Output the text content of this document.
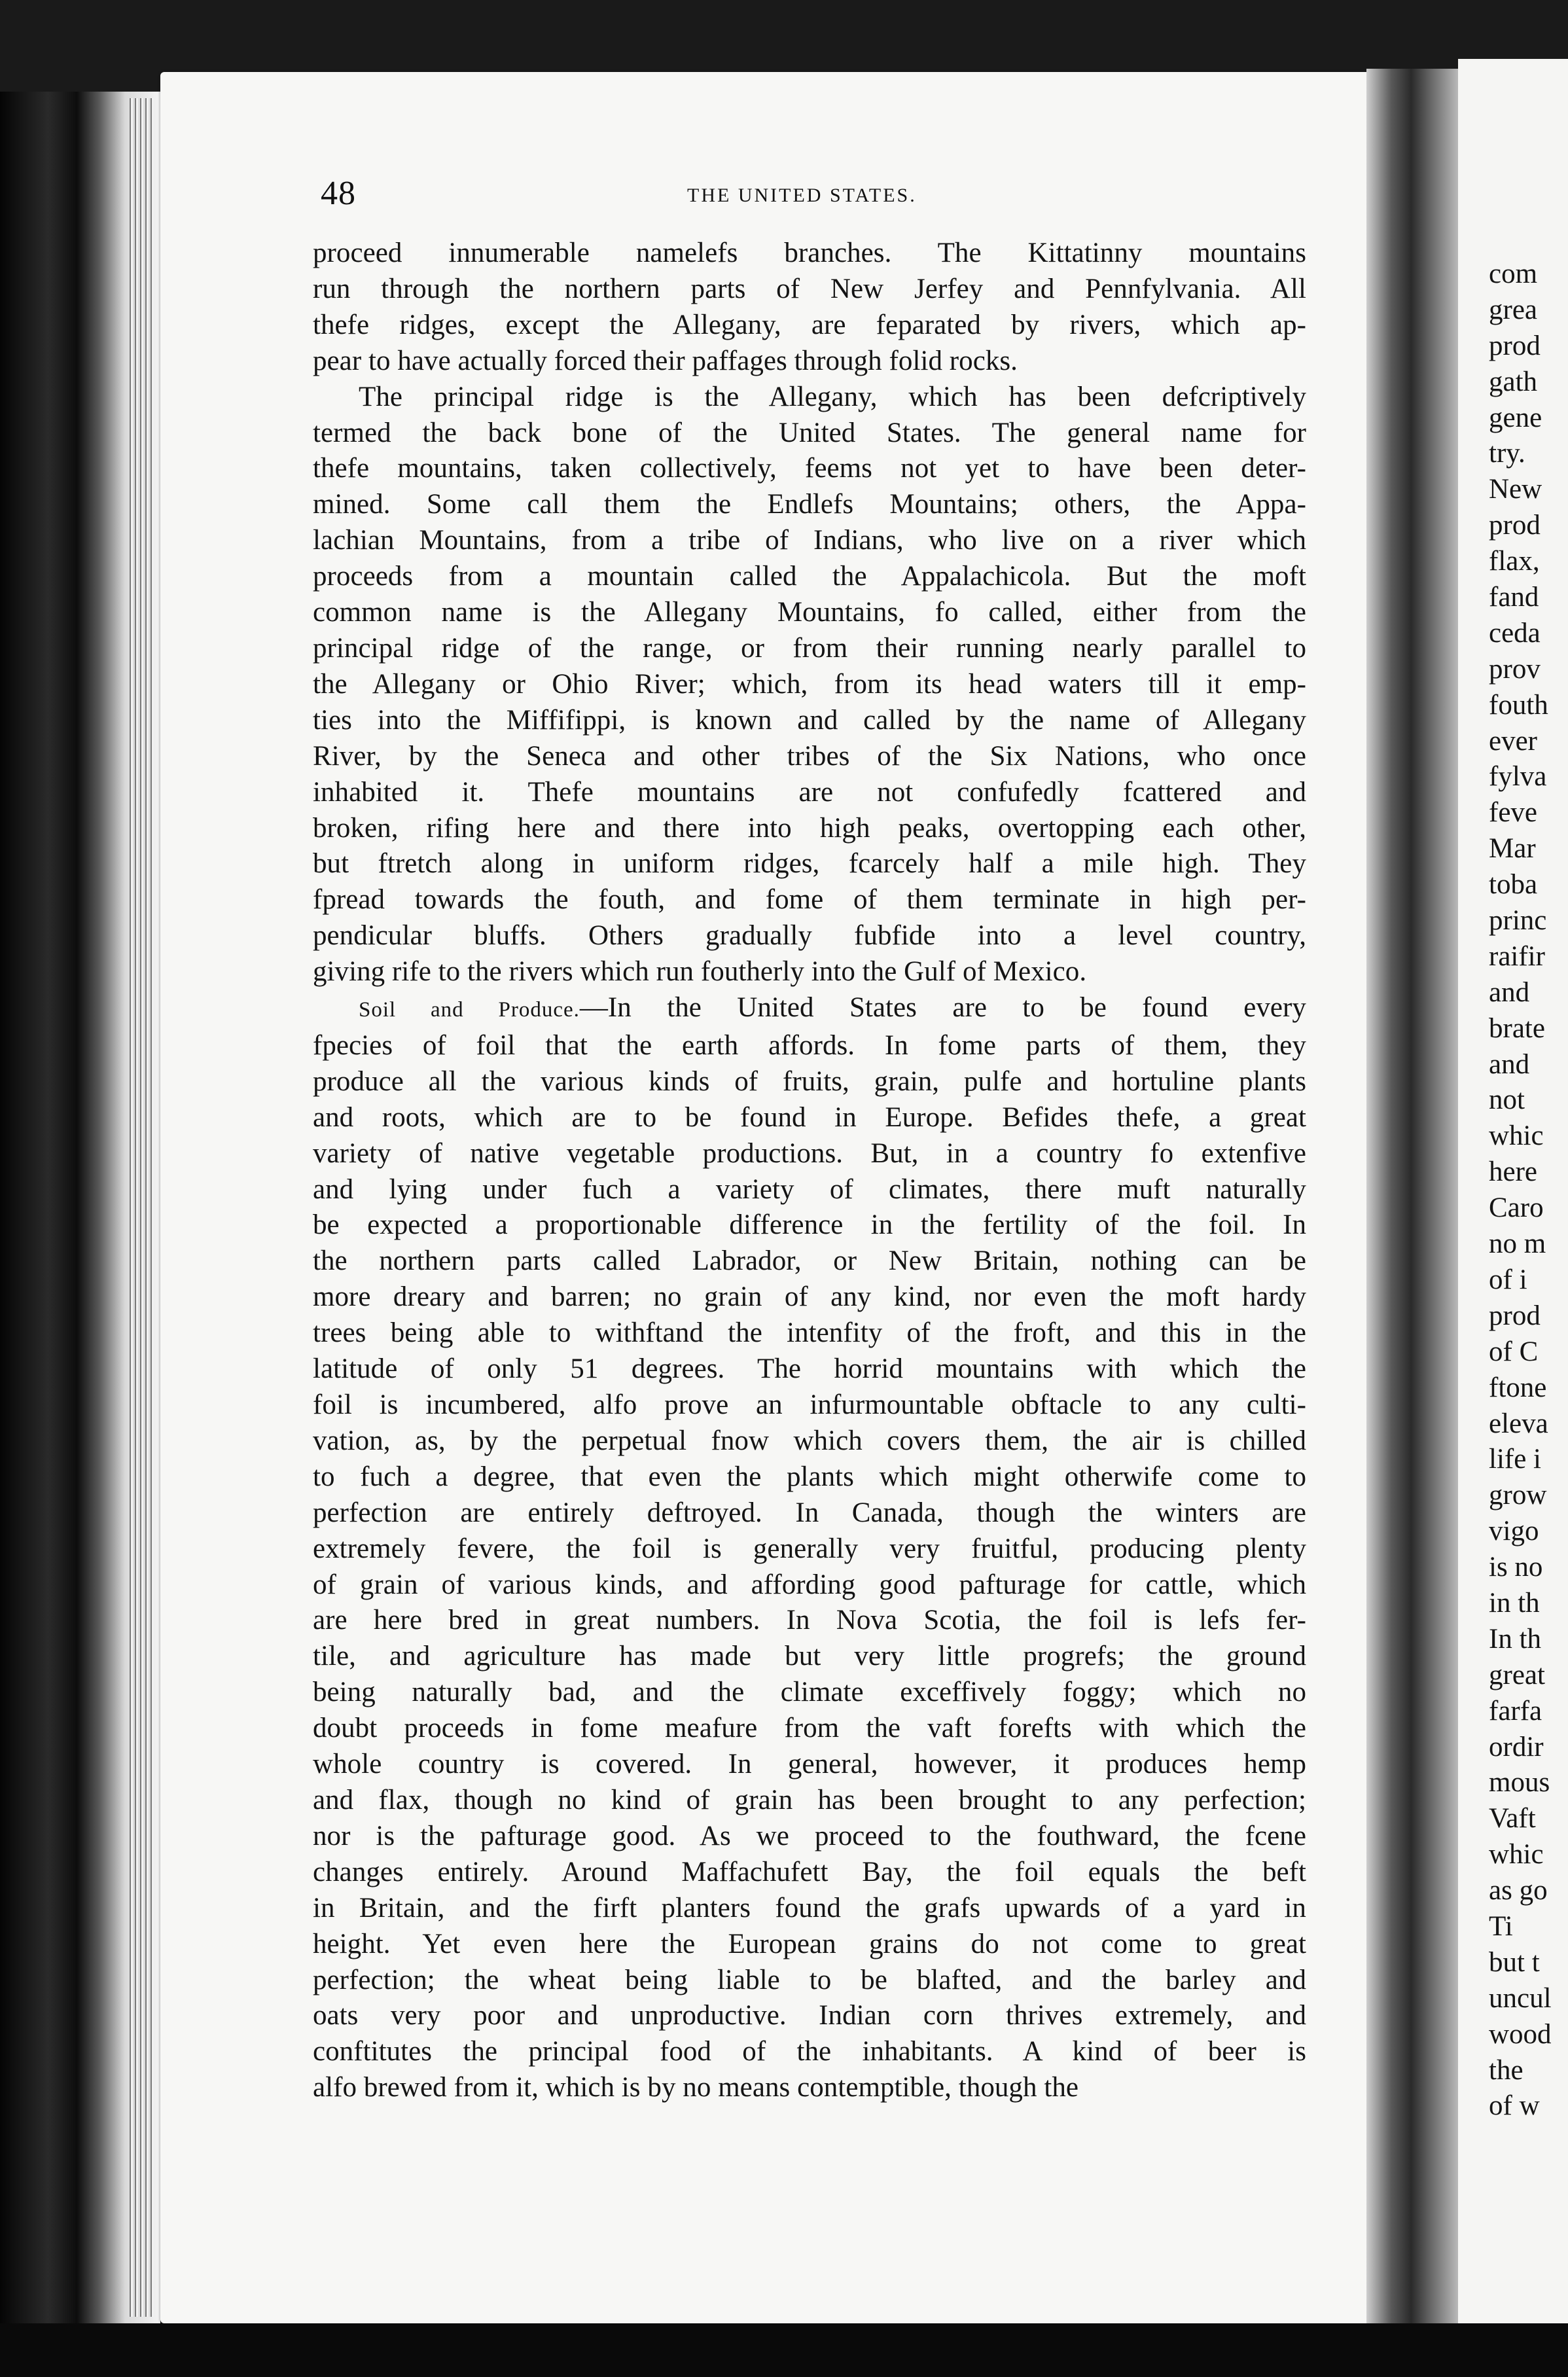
48	THE UNITED STATES.
proceed innumerable namelefs branches. The Kittatinny mountains
run through the northern parts of New Jerfey and Pennfylvania. All
thefe ridges, except the Allegany, are feparated by rivers, which ap-
pear to have actually forced their paffages through folid rocks.
The principal ridge is the Allegany, which has been defcriptively
termed the back bone of the United States. The general name for
thefe mountains, taken collectively, feems not yet to have been deter-
mined. Some call them the Endlefs Mountains; others, the Appa-
lachian Mountains, from a tribe of Indians, who live on a river which
proceeds from a mountain called the Appalachicola. But the moft
common name is the Allegany Mountains, fo called, either from the
principal ridge of the range, or from their running nearly parallel to
the Allegany or Ohio River; which, from its head waters till it emp-
ties into the Miffifippi, is known and called by the name of Allegany
River, by the Seneca and other tribes of the Six Nations, who once
inhabited it. Thefe mountains are not confufedly fcattered and
broken, rifing here and there into high peaks, overtopping each other,
but ftretch along in uniform ridges, fcarcely half a mile high. They
fpread towards the fouth, and fome of them terminate in high per-
pendicular bluffs. Others gradually fubfide into a level country,
giving rife to the rivers which run foutherly into the Gulf of Mexico.
Soil and Produce.—In the United States are to be found every
fpecies of foil that the earth affords. In fome parts of them, they
produce all the various kinds of fruits, grain, pulfe and hortuline plants
and roots, which are to be found in Europe. Befides thefe, a great
variety of native vegetable productions. But, in a country fo extenfive
and lying under fuch a variety of climates, there muft naturally
be expected a proportionable difference in the fertility of the foil. In
the northern parts called Labrador, or New Britain, nothing can be
more dreary and barren; no grain of any kind, nor even the moft hardy
trees being able to withftand the intenfity of the froft, and this in the
latitude of only 51 degrees. The horrid mountains with which the
foil is incumbered, alfo prove an infurmountable obftacle to any culti-
vation, as, by the perpetual fnow which covers them, the air is chilled
to fuch a degree, that even the plants which might otherwife come to
perfection are entirely deftroyed. In Canada, though the winters are
extremely fevere, the foil is generally very fruitful, producing plenty
of grain of various kinds, and affording good pafturage for cattle, which
are here bred in great numbers. In Nova Scotia, the foil is lefs fer-
tile, and agriculture has made but very little progrefs; the ground
being naturally bad, and the climate exceffively foggy; which no
doubt proceeds in fome meafure from the vaft forefts with which the
whole country is covered. In general, however, it produces hemp
and flax, though no kind of grain has been brought to any perfection;
nor is the pafturage good. As we proceed to the fouthward, the fcene
changes entirely. Around Maffachufett Bay, the foil equals the beft
in Britain, and the firft planters found the grafs upwards of a yard in
height. Yet even here the European grains do not come to great
perfection; the wheat being liable to be blafted, and the barley and
oats very poor and unproductive. Indian corn thrives extremely, and
conftitutes the principal food of the inhabitants. A kind of beer is
alfo brewed from it, which is by no means contemptible, though the
com
grea
prod
gath
gene
try.
New
prod
flax,
fand
ceda
prov
fouth
ever
fylva
feve
Mar
toba
princ
raifir
and
brate
and
not
whic
here
Caro
no m
of i
prod
of C
ftone
eleva
life i
grow
vigo
is no
in th
In th
great
farfa
ordir
mous
Vaft
whic
as go
Ti
but t
uncul
wood
the
of w
